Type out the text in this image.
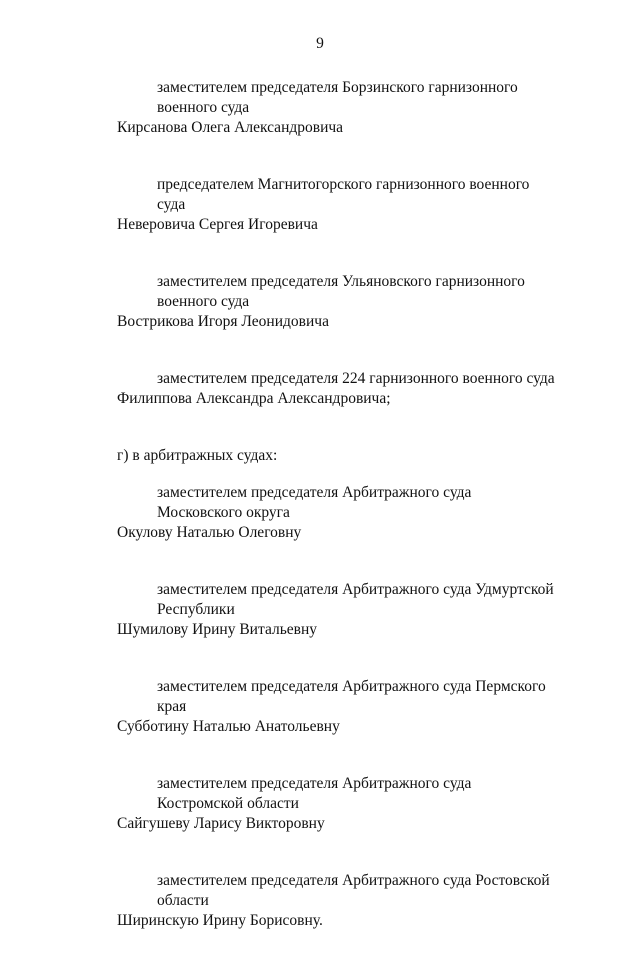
9
заместителем председателя Борзинского гарнизонного военного суда
Кирсанова Олега Александровича
председателем Магнитогорского гарнизонного военного суда
Неверовича Сергея Игоревича
заместителем председателя Ульяновского гарнизонного военного суда
Вострикова Игоря Леонидовича
заместителем председателя 224 гарнизонного военного суда
Филиппова Александра Александровича;
г) в арбитражных судах:
заместителем председателя Арбитражного суда Московского округа
Окулову Наталью Олеговну
заместителем председателя Арбитражного суда Удмуртской Республики
Шумилову Ирину Витальевну
заместителем председателя Арбитражного суда Пермского края
Субботину Наталью Анатольевну
заместителем председателя Арбитражного суда Костромской области
Сайгушеву Ларису Викторовну
заместителем председателя Арбитражного суда Ростовской области
Ширинскую Ирину Борисовну.
